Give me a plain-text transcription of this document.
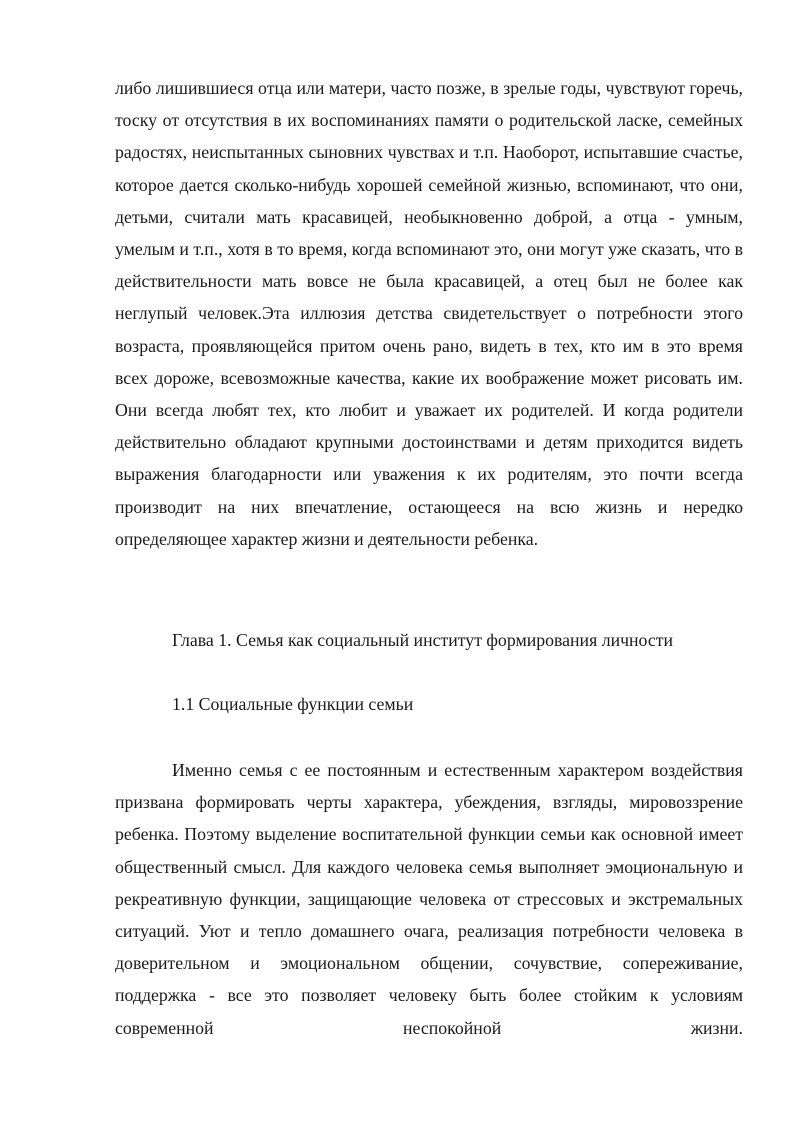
либо лишившиеся отца или матери, часто позже, в зрелые годы, чувствуют горечь, тоску от отсутствия в их воспоминаниях памяти о родительской ласке, семейных радостях, неиспытанных сыновних чувствах и т.п. Наоборот, испытавшие счастье, которое дается сколько-нибудь хорошей семейной жизнью, вспоминают, что они, детьми, считали мать красавицей, необыкновенно доброй, а отца - умным, умелым и т.п., хотя в то время, когда вспоминают это, они могут уже сказать, что в действительности мать вовсе не была красавицей, а отец был не более как неглупый человек.Эта иллюзия детства свидетельствует о потребности этого возраста, проявляющейся притом очень рано, видеть в тех, кто им в это время всех дороже, всевозможные качества, какие их воображение может рисовать им. Они всегда любят тех, кто любит и уважает их родителей. И когда родители действительно обладают крупными достоинствами и детям приходится видеть выражения благодарности или уважения к их родителям, это почти всегда производит на них впечатление, остающееся на всю жизнь и нередко определяющее характер жизни и деятельности ребенка.

Глава 1. Семья как социальный институт формирования личности

1.1 Социальные функции семьи

Именно семья с ее постоянным и естественным характером воздействия призвана формировать черты характера, убеждения, взгляды, мировоззрение ребенка. Поэтому выделение воспитательной функции семьи как основной имеет общественный смысл. Для каждого человека семья выполняет эмоциональную и рекреативную функции, защищающие человека от стрессовых и экстремальных ситуаций. Уют и тепло домашнего очага, реализация потребности человека в доверительном и эмоциональном общении, сочувствие, сопереживание, поддержка - все это позволяет человеку быть более стойким к условиям современной неспокойной жизни.
